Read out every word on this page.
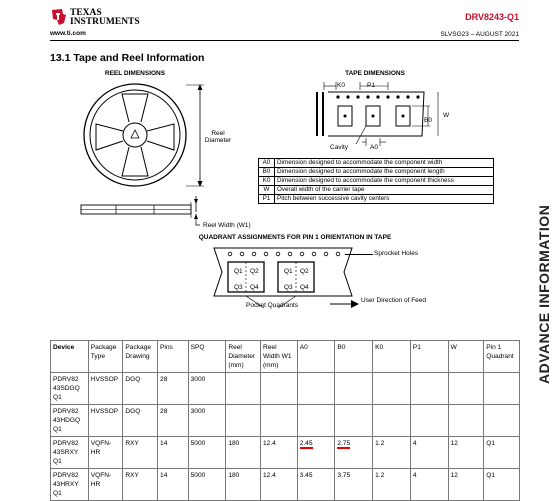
TEXAS
INSTRUMENTS
www.ti.com
DRV8243-Q1
SLVSG23 – AUGUST 2021
13.1 Tape and Reel Information
REEL DIMENSIONS
Reel
Diameter
Reel Width (W1)
TAPE DIMENSIONS
K0	P1
B0
W
Cavity	A0
A0	Dimension designed to accommodate the component width
B0	Dimension designed to accommodate the component length
K0	Dimension designed to accommodate the component thickness
W	Overall width of the carrier tape
P1	Pitch between successive cavity centers
QUADRANT ASSIGNMENTS FOR PIN 1 ORIENTATION IN TAPE
Q1 Q2
Q3 Q4
Q1 Q2
Q3 Q4
Sprocket Holes
User Direction of Feed
Pocket Quadrants	ADVANCE INFORMATION
Device	Package Type	Package Drawing	Pins	SPQ	Reel Diameter (mm)	Reel Width W1 (mm)	A0	B0	K0	P1	W	Pin 1 Quadrant
PDRV82 43SDGQ Q1	HVSSOP	DGQ	28	3000								
PDRV82 43HDGQ Q1	HVSSOP	DGQ	28	3000								
PDRV82 43SRXY Q1	VQFN-HR	RXY	14	5000	180	12.4	2.45	2.75	1.2	4	12	Q1
PDRV82 43HRXY Q1	VQFN-HR	RXY	14	5000	180	12.4	3.45	3.75	1.2	4	12	Q1
